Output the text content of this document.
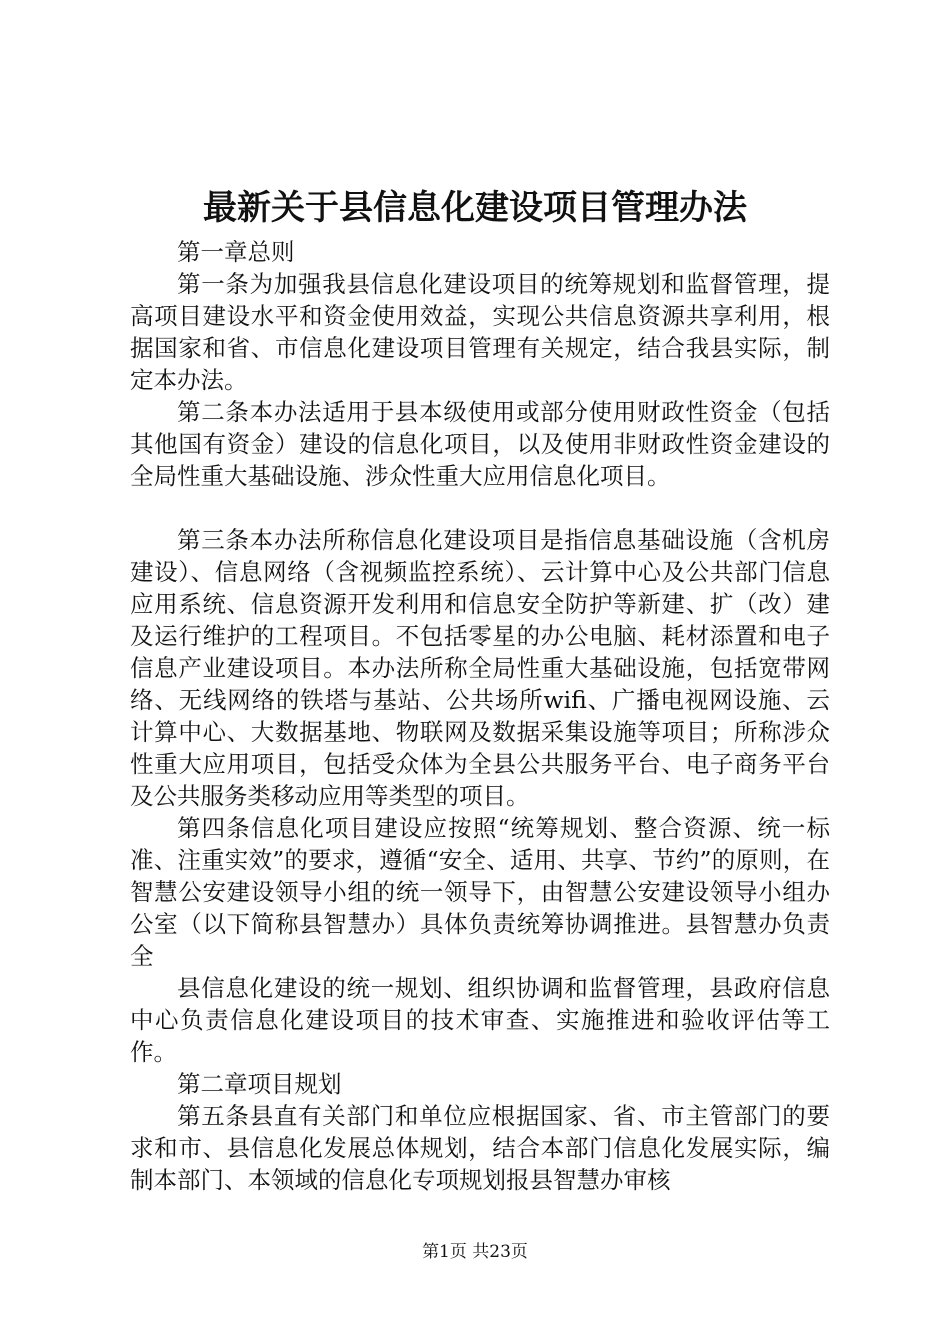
最新关于县信息化建设项目管理办法

第一章总则

第一条为加强我县信息化建设项目的统筹规划和监督管理，提高项目建设水平和资金使用效益，实现公共信息资源共享利用，根据国家和省、市信息化建设项目管理有关规定，结合我县实际，制定本办法。

第二条本办法适用于县本级使用或部分使用财政性资金（包括其他国有资金）建设的信息化项目，以及使用非财政性资金建设的全局性重大基础设施、涉众性重大应用信息化项目。

第三条本办法所称信息化建设项目是指信息基础设施（含机房建设）、信息网络（含视频监控系统）、云计算中心及公共部门信息应用系统、信息资源开发利用和信息安全防护等新建、扩（改）建及运行维护的工程项目。不包括零星的办公电脑、耗材添置和电子信息产业建设项目。本办法所称全局性重大基础设施，包括宽带网络、无线网络的铁塔与基站、公共场所wifi、广播电视网设施、云计算中心、大数据基地、物联网及数据采集设施等项目；所称涉众性重大应用项目，包括受众体为全县公共服务平台、电子商务平台及公共服务类移动应用等类型的项目。

第四条信息化项目建设应按照“统筹规划、整合资源、统一标准、注重实效”的要求，遵循“安全、适用、共享、节约”的原则，在智慧公安建设领导小组的统一领导下，由智慧公安建设领导小组办公室（以下简称县智慧办）具体负责统筹协调推进。县智慧办负责全

县信息化建设的统一规划、组织协调和监督管理，县政府信息中心负责信息化建设项目的技术审查、实施推进和验收评估等工作。

第二章项目规划

第五条县直有关部门和单位应根据国家、省、市主管部门的要求和市、县信息化发展总体规划，结合本部门信息化发展实际，编制本部门、本领域的信息化专项规划报县智慧办审核

第1页 共23页
